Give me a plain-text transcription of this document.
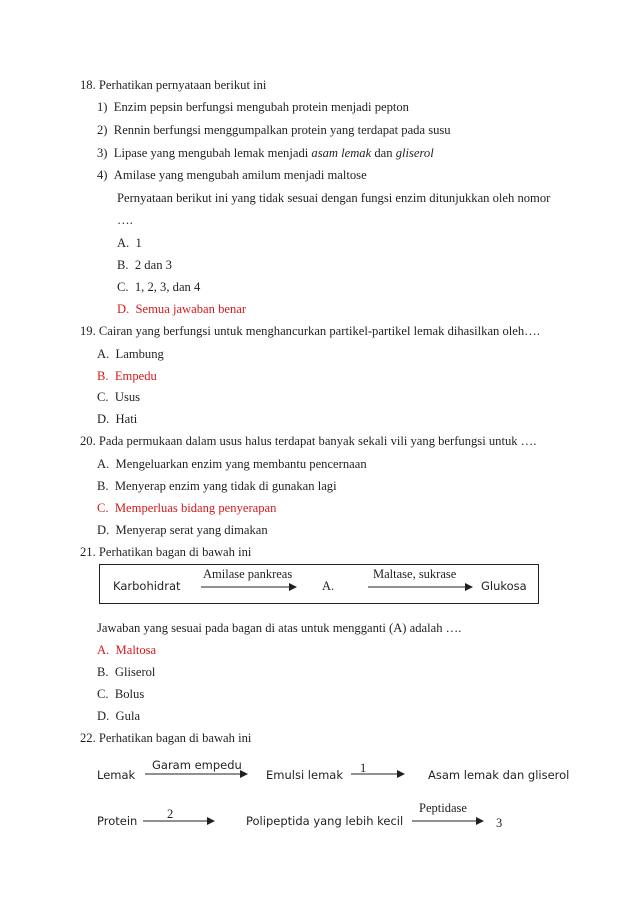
18. Perhatikan pernyataan berikut ini
1) Enzim pepsin berfungsi mengubah protein menjadi pepton
2) Rennin berfungsi menggumpalkan protein yang terdapat pada susu
3) Lipase yang mengubah lemak menjadi asam lemak dan gliserol
4) Amilase yang mengubah amilum menjadi maltose
Pernyataan berikut ini yang tidak sesuai dengan fungsi enzim ditunjukkan oleh nomor
….
A. 1
B. 2 dan 3
C. 1, 2, 3, dan 4
D. Semua jawaban benar
19. Cairan yang berfungsi untuk menghancurkan partikel-partikel lemak dihasilkan oleh….
A. Lambung
B. Empedu
C. Usus
D. Hati
20. Pada permukaan dalam usus halus terdapat banyak sekali vili yang berfungsi untuk ….
A. Mengeluarkan enzim yang membantu pencernaan
B. Menyerap enzim yang tidak di gunakan lagi
C. Memperluas bidang penyerapan
D. Menyerap serat yang dimakan
21. Perhatikan bagan di bawah ini
Karbohidrat
Amilase pankreas
A.
Maltase, sukrase
Glukosa
Jawaban yang sesuai pada bagan di atas untuk mengganti (A) adalah ….
A. Maltosa
B. Gliserol
C. Bolus
D. Gula
22. Perhatikan bagan di bawah ini
Lemak
Garam empedu
Emulsi lemak 1	Asam lemak dan gliserol
Protein 2	Polipeptida yang lebih kecil
Peptidase
3
